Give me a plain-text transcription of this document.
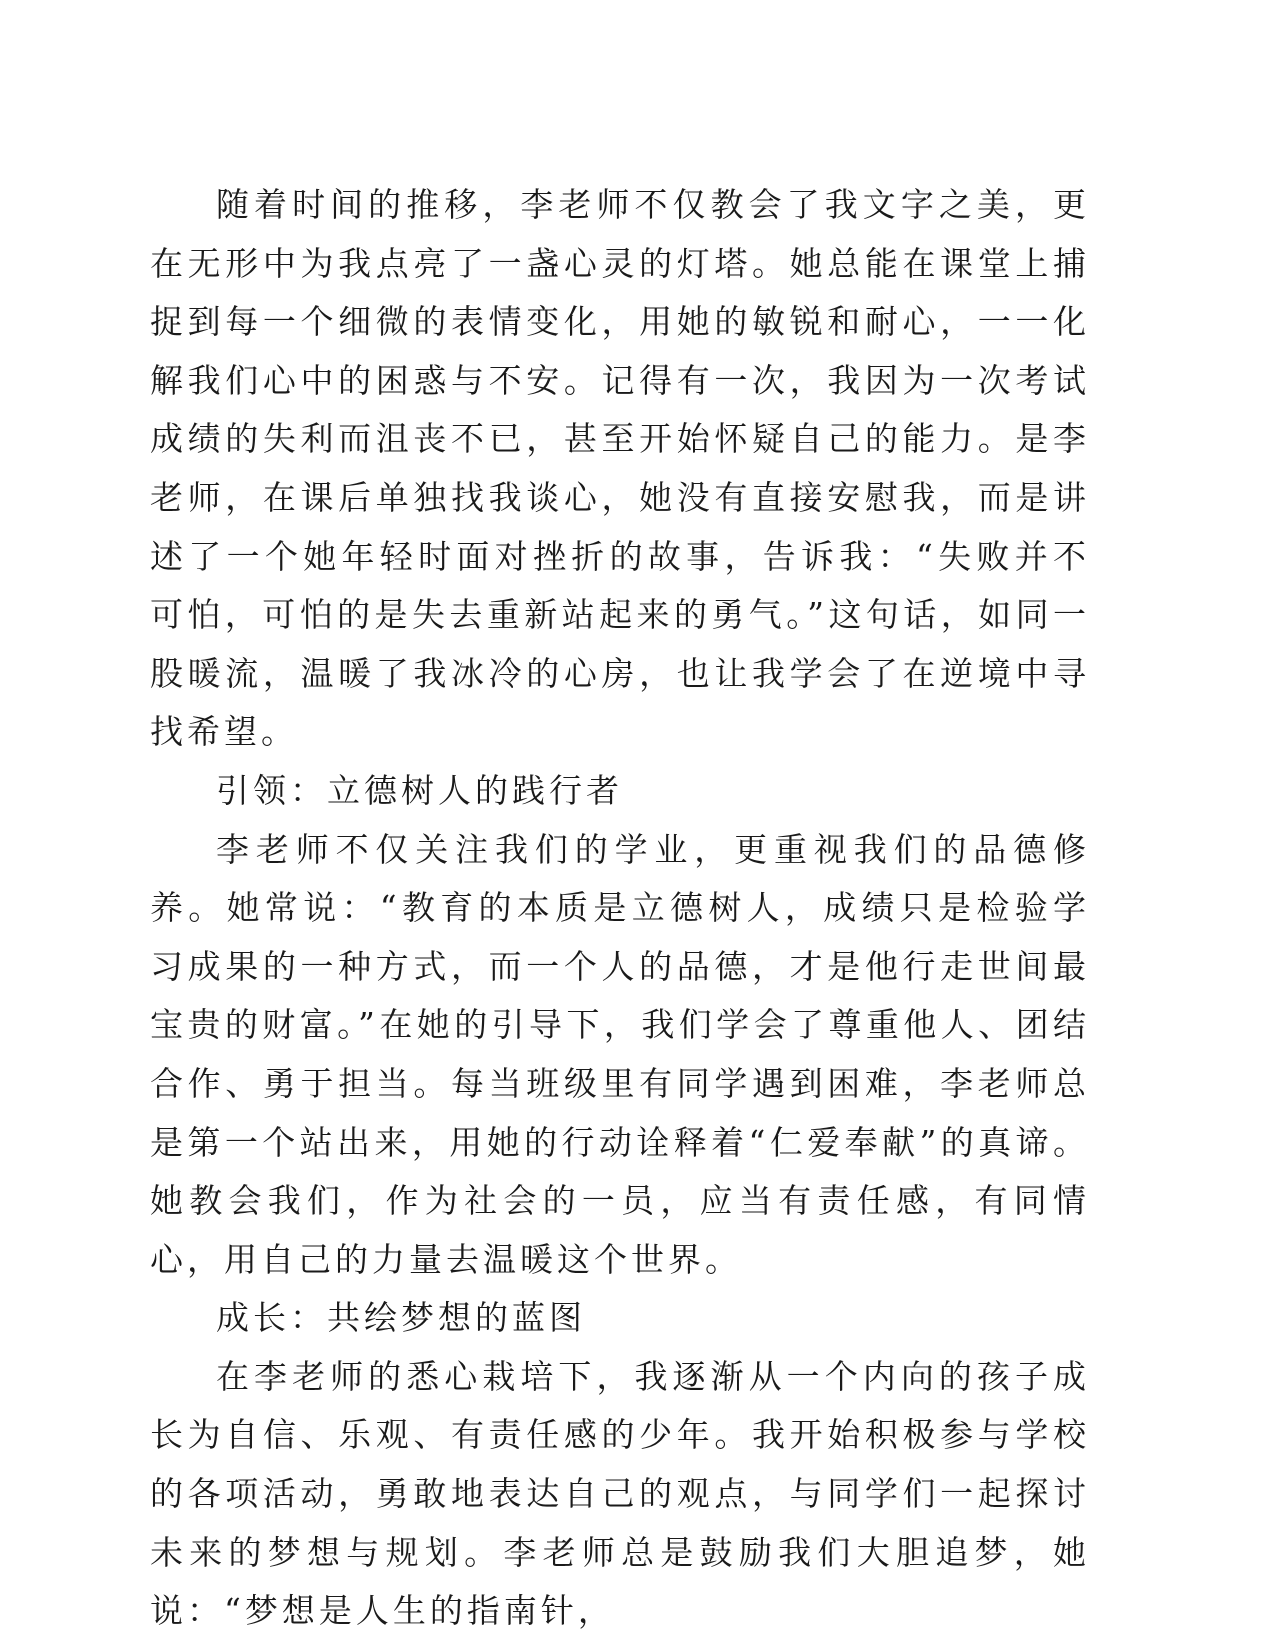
随着时间的推移，李老师不仅教会了我文字之美，更在无形中为我点亮了一盏心灵的灯塔。她总能在课堂上捕捉到每一个细微的表情变化，用她的敏锐和耐心，一一化解我们心中的困惑与不安。记得有一次，我因为一次考试成绩的失利而沮丧不已，甚至开始怀疑自己的能力。是李老师，在课后单独找我谈心，她没有直接安慰我，而是讲述了一个她年轻时面对挫折的故事，告诉我：“失败并不可怕，可怕的是失去重新站起来的勇气。”这句话，如同一股暖流，温暖了我冰冷的心房，也让我学会了在逆境中寻找希望。

引领：立德树人的践行者

李老师不仅关注我们的学业，更重视我们的品德修养。她常说：“教育的本质是立德树人，成绩只是检验学习成果的一种方式，而一个人的品德，才是他行走世间最宝贵的财富。”在她的引导下，我们学会了尊重他人、团结合作、勇于担当。每当班级里有同学遇到困难，李老师总是第一个站出来，用她的行动诠释着“仁爱奉献”的真谛。她教会我们，作为社会的一员，应当有责任感，有同情心，用自己的力量去温暖这个世界。

成长：共绘梦想的蓝图

在李老师的悉心栽培下，我逐渐从一个内向的孩子成长为自信、乐观、有责任感的少年。我开始积极参与学校的各项活动，勇敢地表达自己的观点，与同学们一起探讨未来的梦想与规划。李老师总是鼓励我们大胆追梦，她说：“梦想是人生的指南针，
